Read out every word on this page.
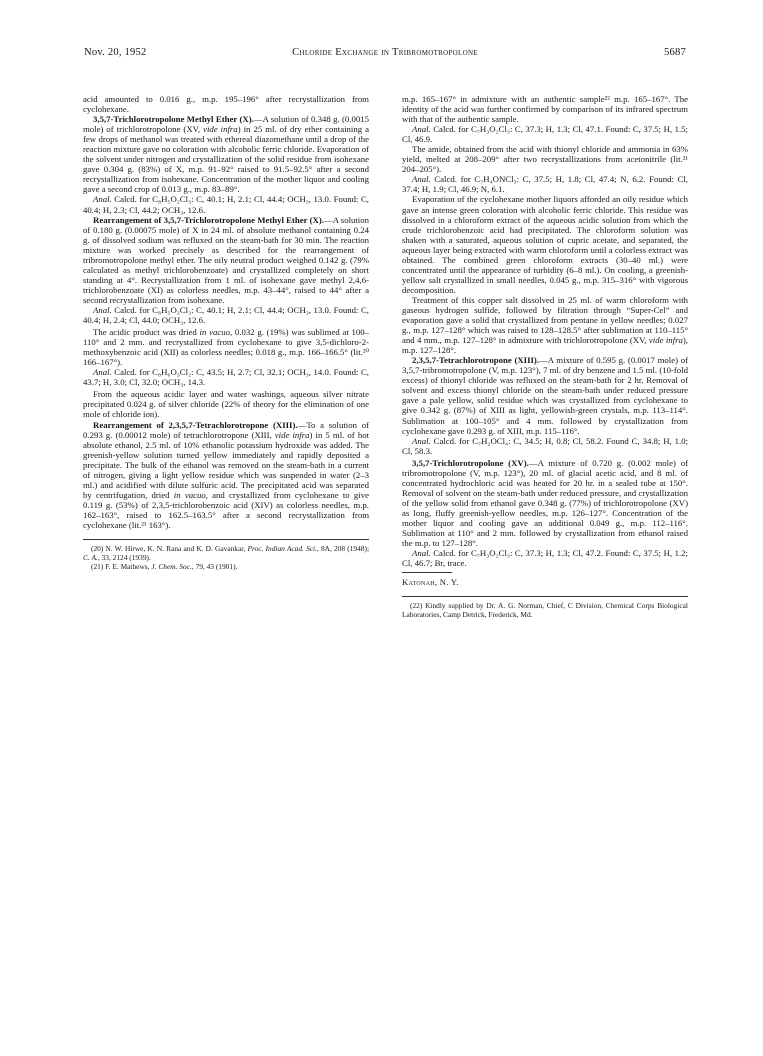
Nov. 20, 1952	Chloride Exchange in Tribromotropolone	5687

acid amounted to 0.016 g., m.p. 195–196° after recrystallization from cyclohexane.

3,5,7-Trichlorotropolone Methyl Ether (X).—A solution of 0.348 g. (0.0015 mole) of trichlorotropolone (XV, vide infra) in 25 ml. of dry ether containing a few drops of methanol was treated with ethereal diazomethane until a drop of the reaction mixture gave no coloration with alcoholic ferric chloride. Evaporation of the solvent under nitrogen and crystallization of the solid residue from isohexane gave 0.304 g. (83%) of X, m.p. 91–92° raised to 91.5–92.5° after a second recrystallization from isohexane. Concentration of the mother liquor and cooling gave a second crop of 0.013 g., m.p. 83–89°.

Anal. Calcd. for C₈H₅O₂Cl₃: C, 40.1; H, 2.1; Cl, 44.4; OCH₃, 13.0. Found: C, 40.4; H, 2.3; Cl, 44.2; OCH₃, 12.6.

Rearrangement of 3,5,7-Trichlorotropolone Methyl Ether (X).—A solution of 0.180 g. (0.00075 mole) of X in 24 ml. of absolute methanol containing 0.24 g. of dissolved sodium was refluxed on the steam-bath for 30 min. The reaction mixture was worked precisely as described for the rearrangement of tribromotropolone methyl ether. The oily neutral product weighed 0.142 g. (79% calculated as methyl trichlorobenzoate) and crystallized completely on short standing at 4°. Recrystallization from 1 ml. of isohexane gave methyl 2,4,6-trichlorobenzoate (XI) as colorless needles, m.p. 43–44°, raised to 44° after a second recrystallization from isohexane.

Anal. Calcd. for C₈H₅O₂Cl₃: C, 40.1; H, 2.1; Cl, 44.4; OCH₃, 13.0. Found: C, 40.4; H, 2.4; Cl, 44.0; OCH₃, 12.6.

The acidic product was dried in vacuo, 0.032 g. (19%) was sublimed at 100–110° and 2 mm. and recrystallized from cyclohexane to give 3,5-dichloro-2-methoxybenzoic acid (XII) as colorless needles; 0.018 g., m.p. 166–166.5° (lit.²⁰ 166–167°).

Anal. Calcd. for C₈H₆O₃Cl₂: C, 43.5; H, 2.7; Cl, 32.1; OCH₃, 14.0. Found: C, 43.7; H, 3.0; Cl, 32.0; OCH₃, 14.3.

From the aqueous acidic layer and water washings, aqueous silver nitrate precipitated 0.024 g. of silver chloride (22% of theory for the elimination of one mole of chloride ion).

Rearrangement of 2,3,5,7-Tetrachlorotropone (XIII).—To a solution of 0.293 g. (0.00012 mole) of tetrachlorotropone (XIII, vide infra) in 5 ml. of hot absolute ethanol, 2.5 ml. of 10% ethanolic potassium hydroxide was added. The greenish-yellow solution turned yellow immediately and rapidly deposited a precipitate. The bulk of the ethanol was removed on the steam-bath in a current of nitrogen, giving a light yellow residue which was suspended in water (2–3 ml.) and acidified with dilute sulfuric acid. The precipitated acid was separated by centrifugation, dried in vacuo, and crystallized from cyclohexane to give 0.119 g. (53%) of 2,3,5-trichlorobenzoic acid (XIV) as colorless needles, m.p. 162–163°, raised to 162.5–163.5° after a second recrystallization from cyclohexane (lit.²¹ 163°).

(20) N. W. Hirwe, K. N. Rana and K. D. Gavankar, Proc. Indian Acad. Sci., 8A, 208 (1948); C. A., 33, 2124 (1939).

(21) F. E. Mathews, J. Chem. Soc., 79, 43 (1901).

m.p. 165–167° in admixture with an authentic sample²² m.p. 165–167°. The identity of the acid was further confirmed by comparison of its infrared spectrum with that of the authentic sample.

Anal. Calcd. for C₇H₃O₂Cl₃: C, 37.3; H, 1.3; Cl, 47.1. Found: C, 37.5; H, 1.5; Cl, 46.9.

The amide, obtained from the acid with thionyl chloride and ammonia in 63% yield, melted at 208–209° after two recrystallizations from acetonitrile (lit.²¹ 204–205°).

Anal. Calcd. for C₇H₄ONCl₃: C, 37.5; H, 1.8; Cl, 47.4; N, 6.2. Found: Cl, 37.4; H, 1.9; Cl, 46.9; N, 6.1.

Evaporation of the cyclohexane mother liquors afforded an oily residue which gave an intense green coloration with alcoholic ferric chloride. This residue was dissolved in a chloroform extract of the aqueous acidic solution from which the crude trichlorobenzoic acid had precipitated. The chloroform solution was shaken with a saturated, aqueous solution of cupric acetate, and separated, the aqueous layer being extracted with warm chloroform until a colorless extract was obtained. The combined green chloroform extracts (30–40 ml.) were concentrated until the appearance of turbidity (6–8 ml.). On cooling, a greenish-yellow salt crystallized in small needles, 0.045 g., m.p. 315–316° with vigorous decomposition.

Treatment of this copper salt dissolved in 25 ml. of warm chloroform with gaseous hydrogen sulfide, followed by filtration through “Super-Cel” and evaporation gave a solid that crystallized from pentane in yellow needles; 0.027 g., m.p. 127–128° which was raised to 128–128.5° after sublimation at 110–115° and 4 mm., m.p. 127–128° in admixture with trichlorotropolone (XV, vide infra), m.p. 127–128°.

2,3,5,7-Tetrachlorotropone (XIII).—A mixture of 0.595 g. (0.0017 mole) of 3,5,7-tribromotropolone (V, m.p. 123°), 7 ml. of dry benzene and 1.5 ml. (10-fold excess) of thionyl chloride was refluxed on the steam-bath for 2 hr. Removal of solvent and excess thionyl chloride on the steam-bath under reduced pressure gave a pale yellow, solid residue which was crystallized from cyclohexane to give 0.342 g. (87%) of XIII as light, yellowish-green crystals, m.p. 113–114°. Sublimation at 100–105° and 4 mm. followed by crystallization from cyclohexane gave 0.293 g. of XIII, m.p. 115–116°.

Anal. Calcd. for C₇H₂OCl₄: C, 34.5; H, 0.8; Cl, 58.2. Found C, 34.8; H, 1.0; Cl, 58.3.

3,5,7-Trichlorotropolone (XV).—A mixture of 0.720 g. (0.002 mole) of tribromotropolone (V, m.p. 123°), 20 ml. of glacial acetic acid, and 8 ml. of concentrated hydrochloric acid was heated for 20 hr. in a sealed tube at 150°. Removal of solvent on the steam-bath under reduced pressure, and crystallization of the yellow solid from ethanol gave 0.348 g. (77%) of trichlorotropolone (XV) as long, fluffy greenish-yellow needles, m.p. 126–127°. Concentration of the mother liquor and cooling gave an additional 0.049 g., m.p. 112–116°. Sublimation at 110° and 2 mm. followed by crystallization from ethanol raised the m.p. to 127–128°.

Anal. Calcd. for C₇H₃O₂Cl₃: C, 37.3; H, 1.3; Cl, 47.2. Found: C, 37.5; H, 1.2; Cl, 46.7; Br, trace.

Katonah, N. Y.

(22) Kindly supplied by Dr. A. G. Norman, Chief, C Division, Chemical Corps Biological Laboratories, Camp Detrick, Frederick, Md.
